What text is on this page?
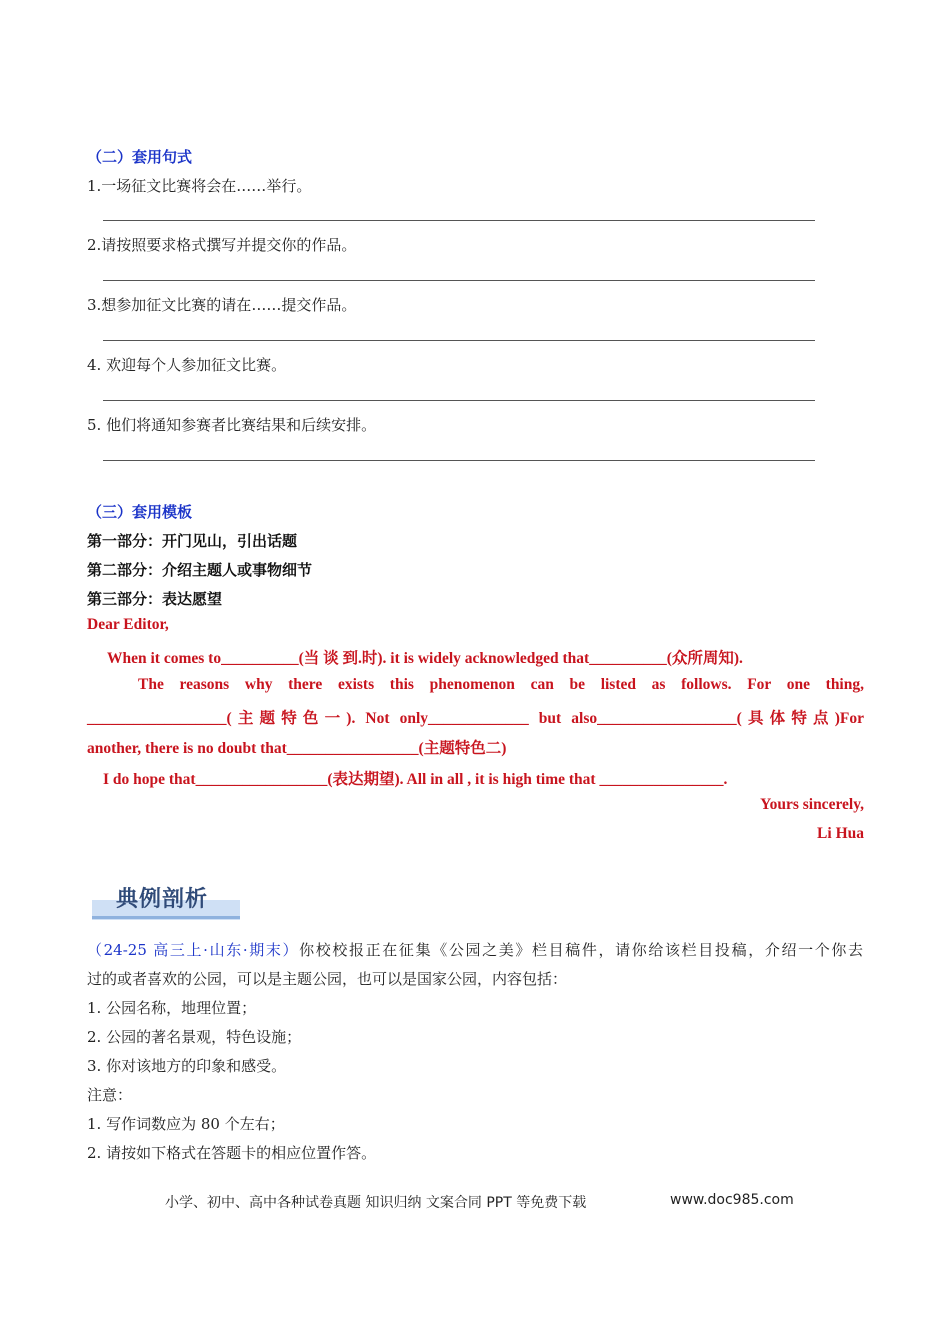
（二）套用句式
1.一场征文比赛将会在……举行。
2.请按照要求格式撰写并提交你的作品。
3.想参加征文比赛的请在……提交作品。
4. 欢迎每个人参加征文比赛。
5. 他们将通知参赛者比赛结果和后续安排。
（三）套用模板
第一部分：开门见山，引出话题
第二部分：介绍主题人或事物细节
第三部分：表达愿望
Dear Editor,
When it comes to__________(当 谈 到.时). it is widely acknowledged that__________(众所周知).
The reasons why there exists this phenomenon can be listed as follows. For one thing,
__________________(主题特色一). Not only_____________ but also__________________(具体特点)For
another, there is no doubt that_________________(主题特色二)
I do hope that_________________(表达期望). All in all , it is high time that ________________.
Yours sincerely,
Li Hua
典例剖析
（24-25 高三上·山东·期末）你校校报正在征集《公园之美》栏目稿件，请你给该栏目投稿，介绍一个你去
过的或者喜欢的公园，可以是主题公园，也可以是国家公园，内容包括：
1. 公园名称，地理位置；
2. 公园的著名景观，特色设施；
3. 你对该地方的印象和感受。
注意：
1. 写作词数应为 80 个左右；
2. 请按如下格式在答题卡的相应位置作答。
小学、初中、高中各种试卷真题 知识归纳 文案合同 PPT 等免费下载	www.doc985.com
